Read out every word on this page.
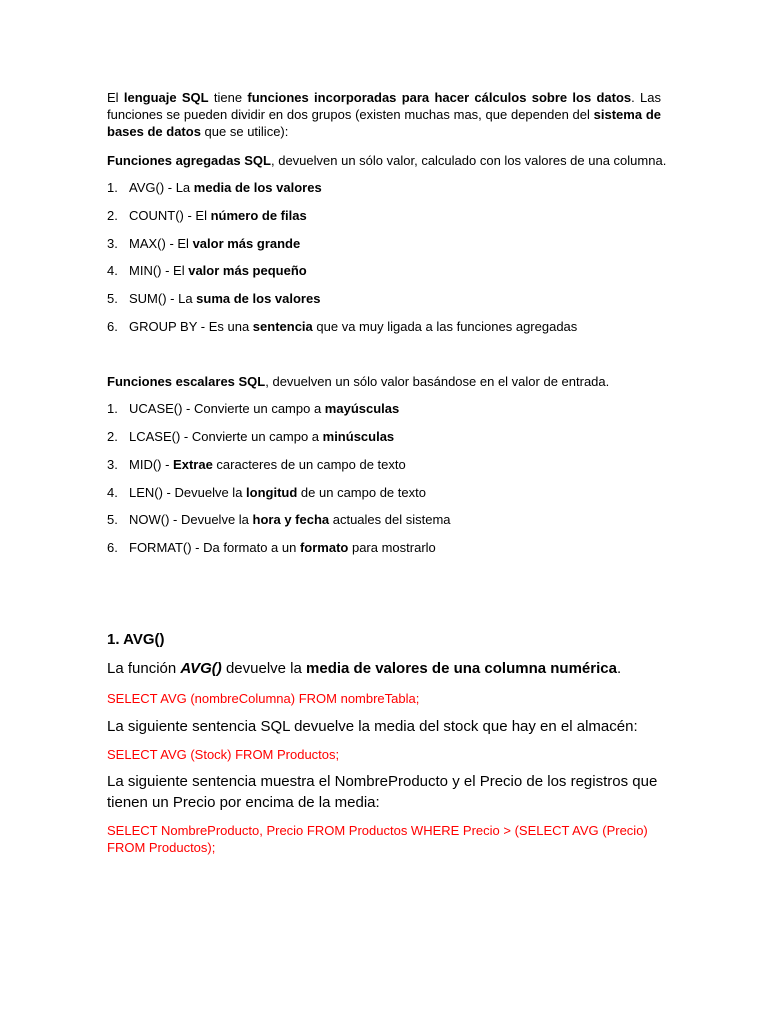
El lenguaje SQL tiene funciones incorporadas para hacer cálculos sobre los datos. Las funciones se pueden dividir en dos grupos (existen muchas mas, que dependen del sistema de bases de datos que se utilice):

Funciones agregadas SQL, devuelven un sólo valor, calculado con los valores de una columna.

1. AVG() - La media de los valores
2. COUNT() - El número de filas
3. MAX() - El valor más grande
4. MIN() - El valor más pequeño
5. SUM() - La suma de los valores
6. GROUP BY - Es una sentencia que va muy ligada a las funciones agregadas

Funciones escalares SQL, devuelven un sólo valor basándose en el valor de entrada.

1. UCASE() - Convierte un campo a mayúsculas
2. LCASE() - Convierte un campo a minúsculas
3. MID() - Extrae caracteres de un campo de texto
4. LEN() - Devuelve la longitud de un campo de texto
5. NOW() - Devuelve la hora y fecha actuales del sistema
6. FORMAT() - Da formato a un formato para mostrarlo
1. AVG()

La función AVG() devuelve la media de valores de una columna numérica.

SELECT AVG (nombreColumna) FROM nombreTabla;

La siguiente sentencia SQL devuelve la media del stock que hay en el almacén:

SELECT AVG (Stock) FROM Productos;

La siguiente sentencia muestra el NombreProducto y el Precio de los registros que tienen un Precio por encima de la media:

SELECT NombreProducto, Precio FROM Productos WHERE Precio > (SELECT AVG (Precio) FROM Productos);
